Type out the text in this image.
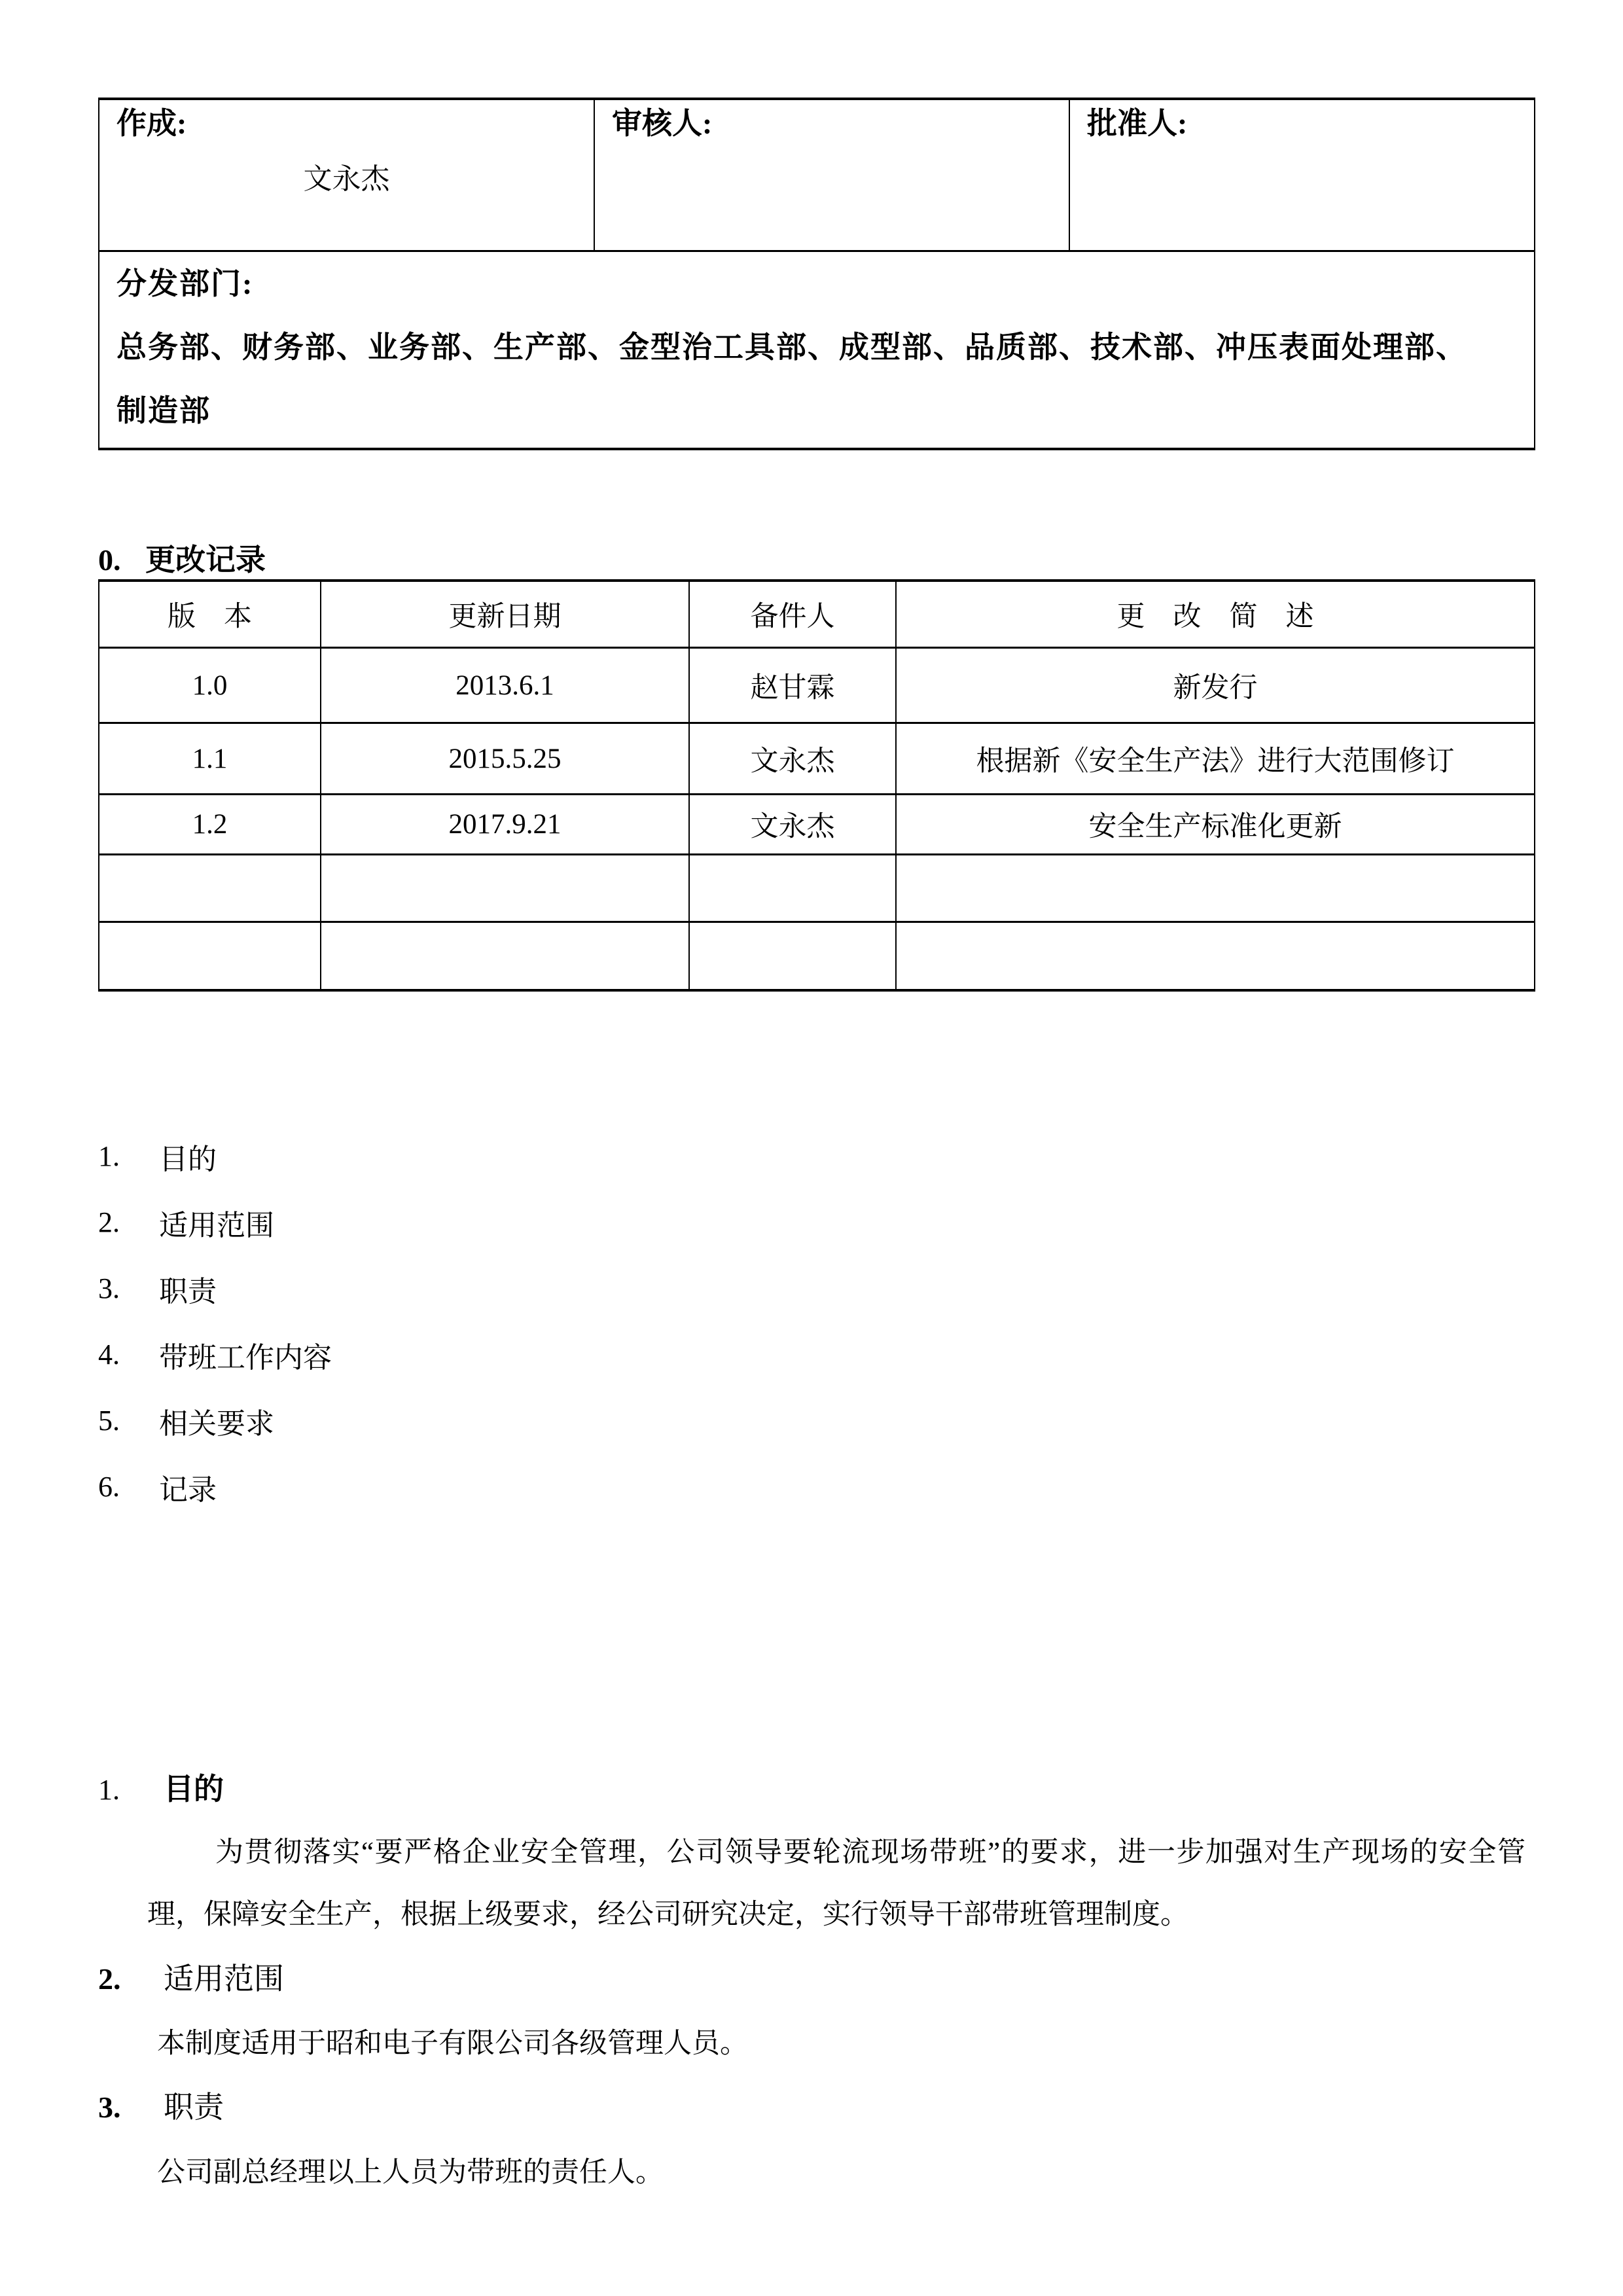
作成:
文永杰
审核人:	批准人:
分发部门:
总务部、财务部、业务部、生产部、金型治工具部、成型部、品质部、技术部、冲压表面处理部、
制造部
0. 更改记录
版　本	更新日期	备件人	更　改　简　述
1.0	2013.6.1	赵甘霖	新发行
1.1	2015.5.25	文永杰	根据新《安全生产法》进行大范围修订
1.2	2017.9.21	文永杰	安全生产标准化更新
1.	目的
2.	适用范围
3.	职责
4.	带班工作内容
5.	相关要求
6.	记录
1. 目的
为贯彻落实“要严格企业安全管理，公司领导要轮流现场带班”的要求，进一步加强对生产现场的安全管
理，保障安全生产，根据上级要求，经公司研究决定，实行领导干部带班管理制度。
2. 适用范围
本制度适用于昭和电子有限公司各级管理人员。
3. 职责
公司副总经理以上人员为带班的责任人。
